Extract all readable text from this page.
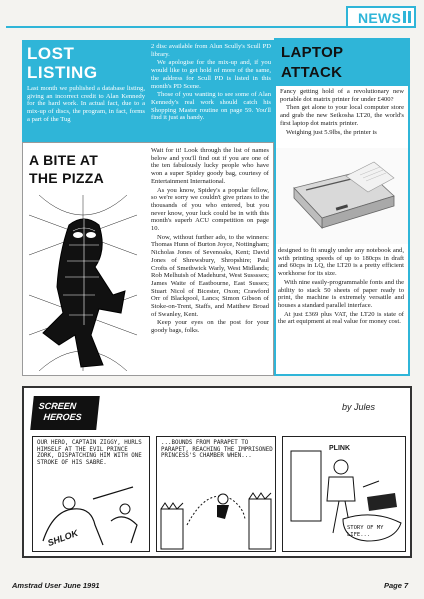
NEWS
LOST
LISTING

Last month we published a database listing, giving an incorrect credit to Alan Kennedy for the hard work. In actual fact, due to a mix-up of discs, the program, in fact, forms a part of the Tug

2 disc available from Alun Scully's Scull PD library.

We apologise for the mix-up and, if you would like to get hold of more of the same, the address for Scull PD is listed in this month's PD Scene.

Those of you wanting to see some of Alan Kennedy's real work should catch his Shopping Master routine on page 59. You'll find it just as handy.

LAPTOP
ATTACK

Fancy getting hold of a revolutionary new portable dot matrix printer for under £400?

Then get alone to your local computer store and grab the new Seikosha LT20, the world's first laptop dot matrix printer.

Weighing just 5.9lbs, the printer is

designed to fit snugly under any notebook and, with printing speeds of up to 180cps in draft and 60cps in LQ, the LT20 is a pretty efficient workhorse for its size.

With nine easily-programmable fonts and the ability to stack 50 sheets of paper ready to print, the machine is extremely versatile and houses a standard parallel interface.

At just £369 plus VAT, the LT20 is state of the art equipment at real value for money cost.

A BITE AT
THE PIZZA

Wait for it! Look through the list of names below and you'll find out if you are one of the ten fabulously lucky people who have won a super Spidey goody bag, courtesy of Entertainment International.

As you know, Spidey's a popular fellow, so we're sorry we couldn't give prizes to the thousands of you who entered, but you never know, your luck could be in with this month's superb ACU competition on page 10.

Now, without further ado, to the winners: Thomas Hunn of Burton Joyce, Nottingham; Nicholas Jones of Sevenoaks, Kent; David Jones of Shrewsbury, Shropshire; Paul Crofts of Smethwick Warly, West Midlands; Rob Melhuish of Madehurst, West Sussssex; James Waite of Eastbourne, East Sussex; Stuart Nicol of Bicester, Oxon; Crawford Orr of Blackpool, Lancs; Simon Gibson of Stoke-on-Trent, Staffs, and Matthew Broad of Swanley, Kent.

Keep your eyes on the post for your goody bags, folks.

SCREEN
HEROES
by Jules
OUR HERO, CAPTAIN ZIGGY, HURLS HIMSELF AT THE EVIL PRINCE ZORK, DISPATCHING HIM WITH ONE STROKE OF HIS SABRE.
SHLOK
...BOUNDS FROM PARAPET TO PARAPET, REACHING THE IMPRISONED PRINCESS'S CHAMBER WHEN...
PLINK
STORY OF MY LIFE...
Amstrad User June 1991	Page 7
